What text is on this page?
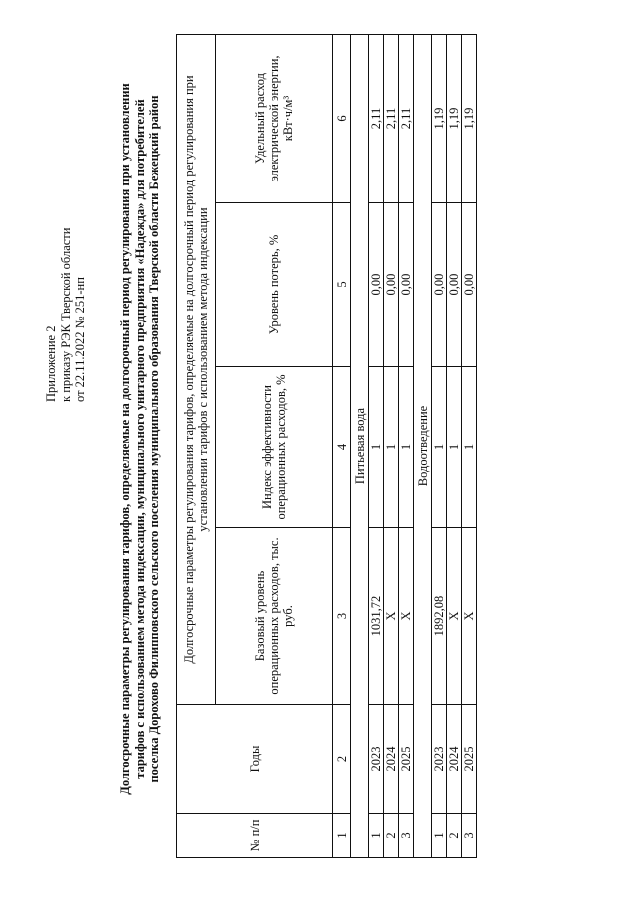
Приложение 2 к приказу РЭК Тверской области от 22.11.2022 № 251-нп Долгосрочные параметры регулирования тарифов, определяемые на долгосрочный период регулирования при установлении тарифов с использованием метода индексации, муниципального унитарного предприятия «Надежда» для потребителей поселка Дорохово Филипповского сельского поселения муниципального образования Тверской области Бежецкий район
№ п/п	Годы	Долгосрочные параметры регулирования тарифов, определяемые на долгосрочный период регулирования при установлении тарифов с использованием метода индексации			
		Базовый уровень операционных расходов, тыс. руб.	Индекс эффективности операционных расходов, %	Уровень потерь, %	Удельный расход электрической энергии, кВт·ч/м³
1	2	3	4	5	6
Питьевая вода					
1	2023	1031,72	1	0,00	2,11
2	2024	Х	1	0,00	2,11
3	2025	Х	1	0,00	2,11
Водоотведение					
1	2023	1892,08	1	0,00	1,19
2	2024	Х	1	0,00	1,19
3	2025	Х	1	0,00	1,19
